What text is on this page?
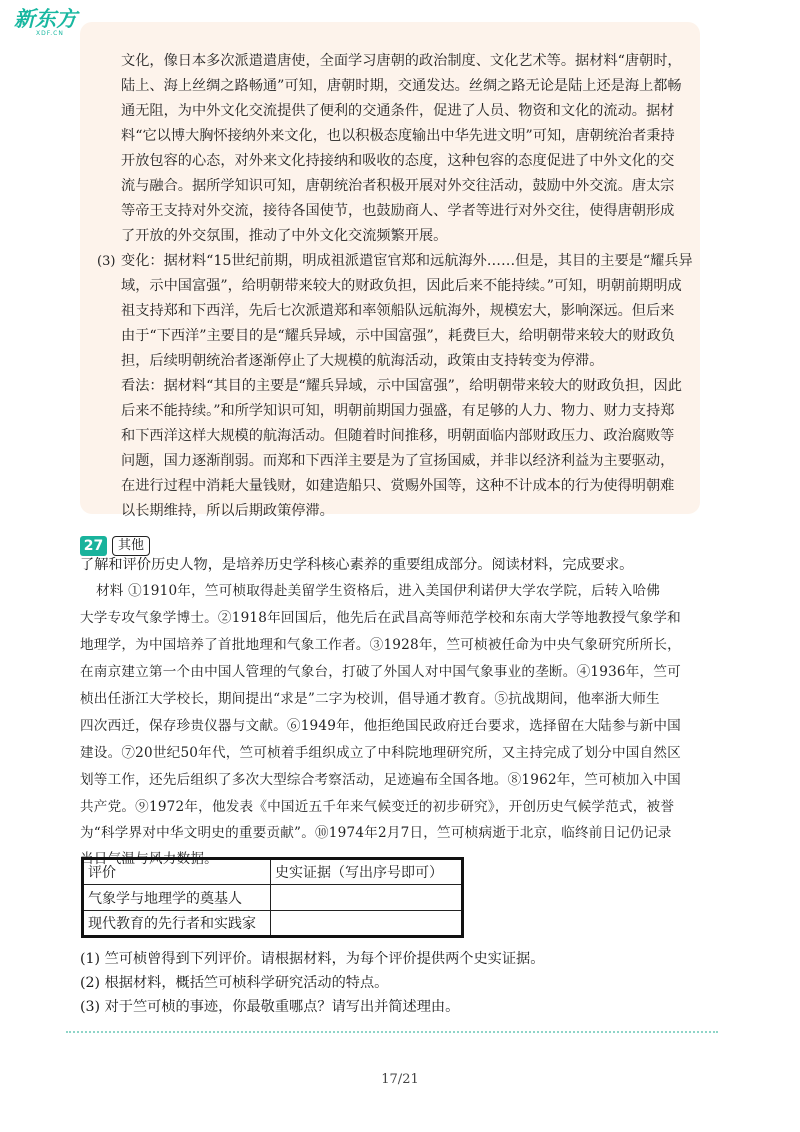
新东方
XDF.CN
文化，像日本多次派遣遣唐使，全面学习唐朝的政治制度、文化艺术等。据材料“唐朝时，
陆上、海上丝绸之路畅通”可知，唐朝时期，交通发达。丝绸之路无论是陆上还是海上都畅
通无阻，为中外文化交流提供了便利的交通条件，促进了人员、物资和文化的流动。据材
料“它以博大胸怀接纳外来文化，也以积极态度输出中华先进文明”可知，唐朝统治者秉持
开放包容的心态，对外来文化持接纳和吸收的态度，这种包容的态度促进了中外文化的交
流与融合。据所学知识可知，唐朝统治者积极开展对外交往活动，鼓励中外交流。唐太宗
等帝王支持对外交流，接待各国使节，也鼓励商人、学者等进行对外交往，使得唐朝形成
了开放的外交氛围，推动了中外文化交流频繁开展。
(3) 变化：据材料“15世纪前期，明成祖派遣宦官郑和远航海外……但是，其目的主要是“耀兵异
域，示中国富强”，给明朝带来较大的财政负担，因此后来不能持续。”可知，明朝前期明成
祖支持郑和下西洋，先后七次派遣郑和率领船队远航海外，规模宏大，影响深远。但后来
由于“下西洋”主要目的是“耀兵异域，示中国富强”，耗费巨大，给明朝带来较大的财政负
担，后续明朝统治者逐渐停止了大规模的航海活动，政策由支持转变为停滞。
看法：据材料“其目的主要是“耀兵异域，示中国富强”，给明朝带来较大的财政负担，因此
后来不能持续。”和所学知识可知，明朝前期国力强盛，有足够的人力、物力、财力支持郑
和下西洋这样大规模的航海活动。但随着时间推移，明朝面临内部财政压力、政治腐败等
问题，国力逐渐削弱。而郑和下西洋主要是为了宣扬国威，并非以经济利益为主要驱动，
在进行过程中消耗大量钱财，如建造船只、赏赐外国等，这种不计成本的行为使得明朝难
以长期维持，所以后期政策停滞。
27	其他
了解和评价历史人物，是培养历史学科核心素养的重要组成部分。阅读材料，完成要求。
材料 ①1910年，竺可桢取得赴美留学生资格后，进入美国伊利诺伊大学农学院，后转入哈佛
大学专攻气象学博士。②1918年回国后，他先后在武昌高等师范学校和东南大学等地教授气象学和
地理学，为中国培养了首批地理和气象工作者。③1928年，竺可桢被任命为中央气象研究所所长，
在南京建立第一个由中国人管理的气象台，打破了外国人对中国气象事业的垄断。④1936年，竺可
桢出任浙江大学校长，期间提出“求是”二字为校训，倡导通才教育。⑤抗战期间，他率浙大师生
四次西迁，保存珍贵仪器与文献。⑥1949年，他拒绝国民政府迁台要求，选择留在大陆参与新中国
建设。⑦20世纪50年代，竺可桢着手组织成立了中科院地理研究所，又主持完成了划分中国自然区
划等工作，还先后组织了多次大型综合考察活动，足迹遍布全国各地。⑧1962年，竺可桢加入中国
共产党。⑨1972年，他发表《中国近五千年来气候变迁的初步研究》，开创历史气候学范式，被誉
为“科学界对中华文明史的重要贡献”。⑩1974年2月7日，竺可桢病逝于北京，临终前日记仍记录
当日气温与风力数据。
评价	史实证据（写出序号即可）
气象学与地理学的奠基人	
现代教育的先行者和实践家	
(1) 竺可桢曾得到下列评价。请根据材料，为每个评价提供两个史实证据。
(2) 根据材料，概括竺可桢科学研究活动的特点。
(3) 对于竺可桢的事迹，你最敬重哪点？请写出并简述理由。
17/21
